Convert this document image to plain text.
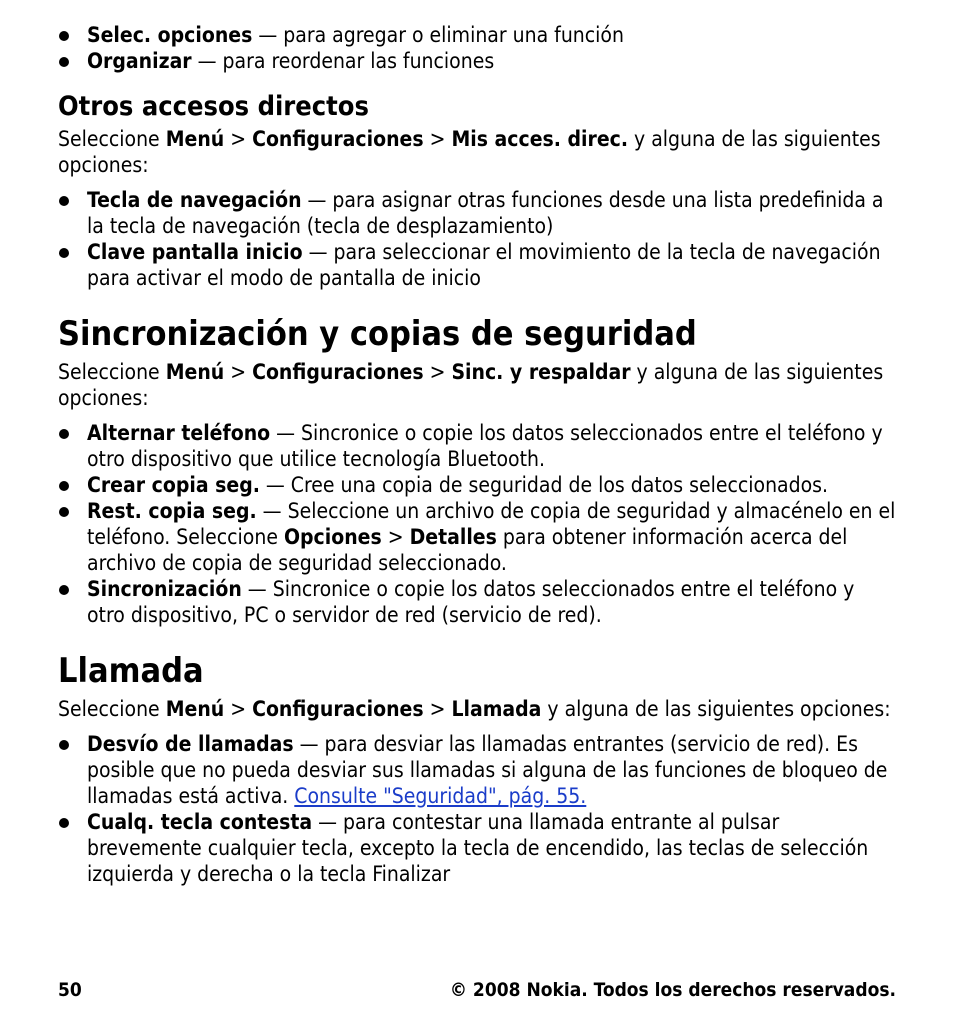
Selec. opciones — para agregar o eliminar una función
Organizar — para reordenar las funciones
Otros accesos directos

Seleccione Menú > Configuraciones > Mis acces. direc. y alguna de las siguientes opciones:

Tecla de navegación — para asignar otras funciones desde una lista predefinida a la tecla de navegación (tecla de desplazamiento)
Clave pantalla inicio — para seleccionar el movimiento de la tecla de navegación para activar el modo de pantalla de inicio
Sincronización y copias de seguridad

Seleccione Menú > Configuraciones > Sinc. y respaldar y alguna de las siguientes opciones:

Alternar teléfono — Sincronice o copie los datos seleccionados entre el teléfono y otro dispositivo que utilice tecnología Bluetooth.
Crear copia seg. — Cree una copia de seguridad de los datos seleccionados.
Rest. copia seg. — Seleccione un archivo de copia de seguridad y almacénelo en el teléfono. Seleccione Opciones > Detalles para obtener información acerca del archivo de copia de seguridad seleccionado.
Sincronización — Sincronice o copie los datos seleccionados entre el teléfono y otro dispositivo, PC o servidor de red (servicio de red).
Llamada

Seleccione Menú > Configuraciones > Llamada y alguna de las siguientes opciones:

Desvío de llamadas — para desviar las llamadas entrantes (servicio de red). Es posible que no pueda desviar sus llamadas si alguna de las funciones de bloqueo de llamadas está activa. Consulte "Seguridad", pág. 55.
Cualq. tecla contesta — para contestar una llamada entrante al pulsar brevemente cualquier tecla, excepto la tecla de encendido, las teclas de selección izquierda y derecha o la tecla Finalizar
50	© 2008 Nokia. Todos los derechos reservados.
